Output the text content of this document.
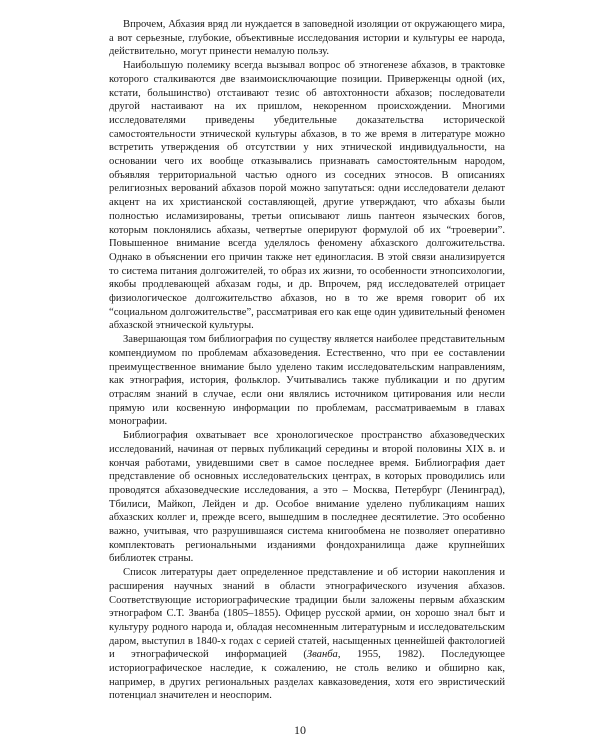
Впрочем, Абхазия вряд ли нуждается в заповедной изоляции от окружающего мира, а вот серьезные, глубокие, объективные исследования истории и культуры ее народа, действительно, могут принести немалую пользу.

Наибольшую полемику всегда вызывал вопрос об этногенезе абхазов, в трактовке которого сталкиваются две взаимоисключающие позиции. Приверженцы одной (их, кстати, большинство) отстаивают тезис об автохтонности абхазов; последователи другой настаивают на их пришлом, некоренном происхождении. Многими исследователями приведены убедительные доказательства исторической самостоятельности этнической культуры абхазов, в то же время в литературе можно встретить утверждения об отсутствии у них этнической индивидуальности, на основании чего их вообще отказывались признавать самостоятельным народом, объявляя территориальной частью одного из соседних этносов. В описаниях религиозных верований абхазов порой можно запутаться: одни исследователи делают акцент на их христианской составляющей, другие утверждают, что абхазы были полностью исламизированы, третьи описывают лишь пантеон языческих богов, которым поклонялись абхазы, четвертые оперируют формулой об их “троеверии”. Повышенное внимание всегда уделялось феномену абхазского долгожительства. Однако в объяснении его причин также нет единогласия. В этой связи анализируется то система питания долгожителей, то образ их жизни, то особенности этнопсихологии, якобы продлевающей абхазам годы, и др. Впрочем, ряд исследователей отрицает физиологическое долгожительство абхазов, но в то же время говорит об их “социальном долгожительстве”, рассматривая его как еще один удивительный феномен абхазской этнической культуры.

Завершающая том библиография по существу является наиболее представительным компендиумом по проблемам абхазоведения. Естественно, что при ее составлении преимущественное внимание было уделено таким исследовательским направлениям, как этнография, история, фольклор. Учитывались также публикации и по другим отраслям знаний в случае, если они являлись источником цитирования или несли прямую или косвенную информации по проблемам, рассматриваемым в главах монографии.

Библиография охватывает все хронологическое пространство абхазоведческих исследований, начиная от первых публикаций середины и второй половины XIX в. и кончая работами, увидевшими свет в самое последнее время. Библиография дает представление об основных исследовательских центрах, в которых проводились или проводятся абхазоведческие исследования, а это – Москва, Петербург (Ленинград), Тбилиси, Майкоп, Лейден и др. Особое внимание уделено публикациям наших абхазских коллег и, прежде всего, вышедшим в последнее десятилетие. Это особенно важно, учитывая, что разрушившаяся система книгообмена не позволяет оперативно комплектовать региональными изданиями фондохранилища даже крупнейших библиотек страны.

Список литературы дает определенное представление и об истории накопления и расширения научных знаний в области этнографического изучения абхазов. Соответствующие историографические традиции были заложены первым абхазским этнографом С.Т. Званба (1805–1855). Офицер русской армии, он хорошо знал быт и культуру родного народа и, обладая несомненным литературным и исследовательским даром, выступил в 1840-х годах с серией статей, насыщенных ценнейшей фактологией и этнографической информацией (Званба, 1955, 1982). Последующее историографическое наследие, к сожалению, не столь велико и обширно как, например, в других региональных разделах кавказоведения, хотя его эвристический потенциал значителен и неоспорим.

10
